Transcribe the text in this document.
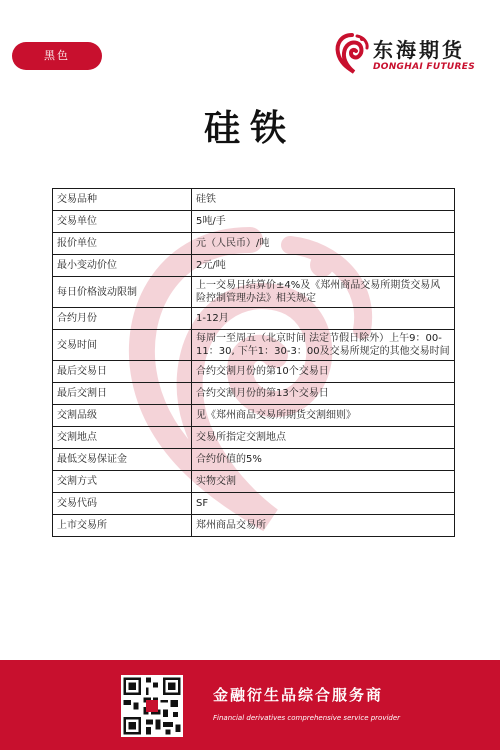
黑色	东海期货
DONGHAI FUTURES
硅铁
交易品种	硅铁
交易单位	5吨/手
报价单位	元（人民币）/吨
最小变动价位	2元/吨
每日价格波动限制	上一交易日结算价±4%及《郑州商品交易所期货交易风险控制管理办法》相关规定
合约月份	1-12月
交易时间	每周一至周五（北京时间 法定节假日除外）上午9：00-11：30, 下午1：30-3：00及交易所规定的其他交易时间
最后交易日	合约交割月份的第10个交易日
最后交割日	合约交割月份的第13个交易日
交割品级	见《郑州商品交易所期货交割细则》
交割地点	交易所指定交割地点
最低交易保证金	合约价值的5%
交割方式	实物交割
交易代码	SF
上市交易所	郑州商品交易所
金融衍生品综合服务商
Financial derivatives comprehensive service provider
